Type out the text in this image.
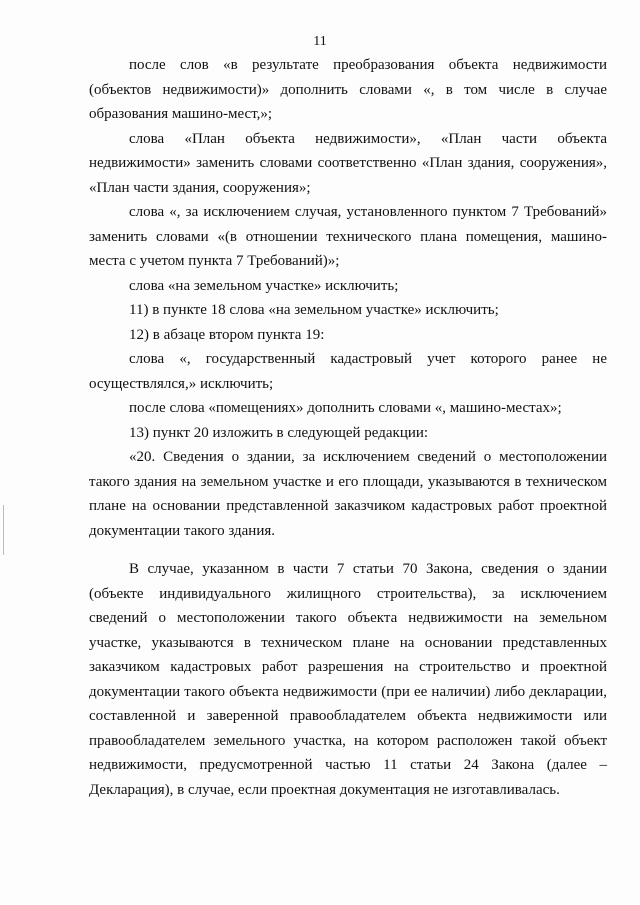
11

после слов «в результате преобразования объекта недвижимости (объектов недвижимости)» дополнить словами «, в том числе в случае образования машино-мест,»;

слова «План объекта недвижимости», «План части объекта недвижимости» заменить словами соответственно «План здания, сооружения», «План части здания, сооружения»;

слова «, за исключением случая, установленного пунктом 7 Требований» заменить словами «(в отношении технического плана помещения, машино-места с учетом пункта 7 Требований)»;

слова «на земельном участке» исключить;

11) в пункте 18 слова «на земельном участке» исключить;

12) в абзаце втором пункта 19:

слова «, государственный кадастровый учет которого ранее не осуществлялся,» исключить;

после слова «помещениях» дополнить словами «, машино-местах»;

13) пункт 20 изложить в следующей редакции:

«20. Сведения о здании, за исключением сведений о местоположении такого здания на земельном участке и его площади, указываются в техническом плане на основании представленной заказчиком кадастровых работ проектной документации такого здания.

В случае, указанном в части 7 статьи 70 Закона, сведения о здании (объекте индивидуального жилищного строительства), за исключением сведений о местоположении такого объекта недвижимости на земельном участке, указываются в техническом плане на основании представленных заказчиком кадастровых работ разрешения на строительство и проектной документации такого объекта недвижимости (при ее наличии) либо декларации, составленной и заверенной правообладателем объекта недвижимости или правообладателем земельного участка, на котором расположен такой объект недвижимости, предусмотренной частью 11 статьи 24 Закона (далее – Декларация), в случае, если проектная документация не изготавливалась.
